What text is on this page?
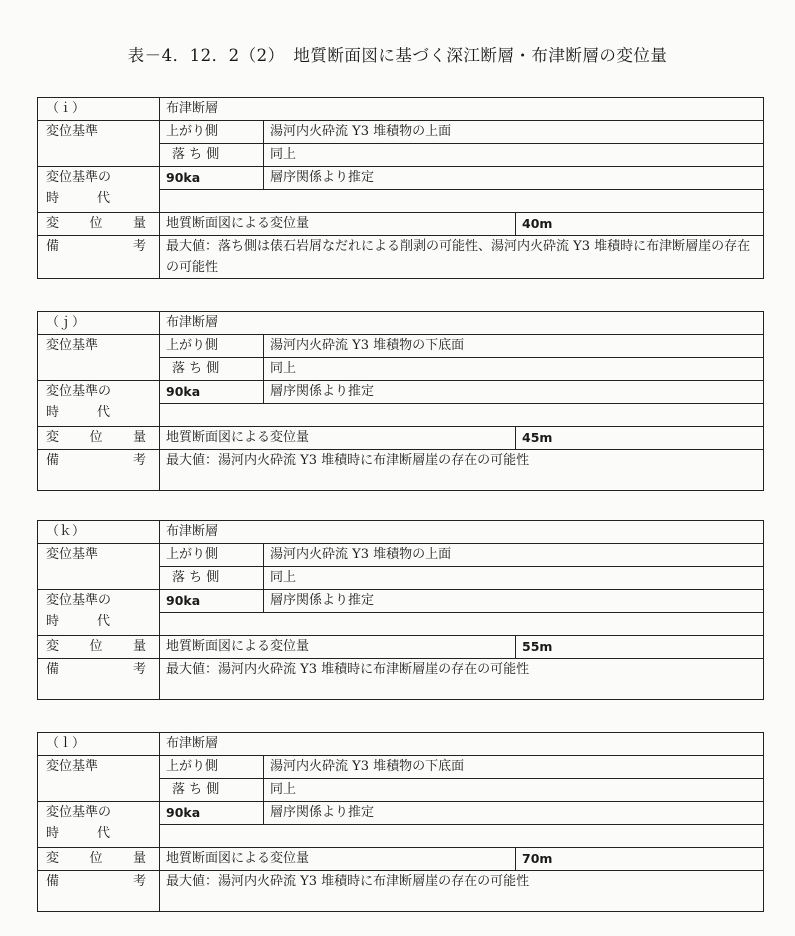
表－4．12．2（2）　地質断面図に基づく深江断層・布津断層の変位量
（ｉ）	布津断層		
変位基準	上がり側	湯河内火砕流 Y3 堆積物の上面	
	落 ち 側	同上	

変位基準の
時 代	90ka	層序関係より推定	

変 位 量	地質断面図による変位量		40m

備 考	最大値：落ち側は俵石岩屑なだれによる削剥の可能性、湯河内火砕流 Y3 堆積時に布津断層崖の存在の可能性		
（ｊ）	布津断層		
変位基準	上がり側	湯河内火砕流 Y3 堆積物の下底面	
	落 ち 側	同上	

変位基準の
時 代	90ka	層序関係より推定	

変 位 量	地質断面図による変位量		45m

備 考	最大値：湯河内火砕流 Y3 堆積時に布津断層崖の存在の可能性		
（ｋ）	布津断層		
変位基準	上がり側	湯河内火砕流 Y3 堆積物の上面	
	落 ち 側	同上	

変位基準の
時 代	90ka	層序関係より推定	

変 位 量	地質断面図による変位量		55m

備 考	最大値：湯河内火砕流 Y3 堆積時に布津断層崖の存在の可能性		
（ｌ）	布津断層		
変位基準	上がり側	湯河内火砕流 Y3 堆積物の下底面	
	落 ち 側	同上	

変位基準の
時 代	90ka	層序関係より推定	

変 位 量	地質断面図による変位量		70m

備 考	最大値：湯河内火砕流 Y3 堆積時に布津断層崖の存在の可能性		
